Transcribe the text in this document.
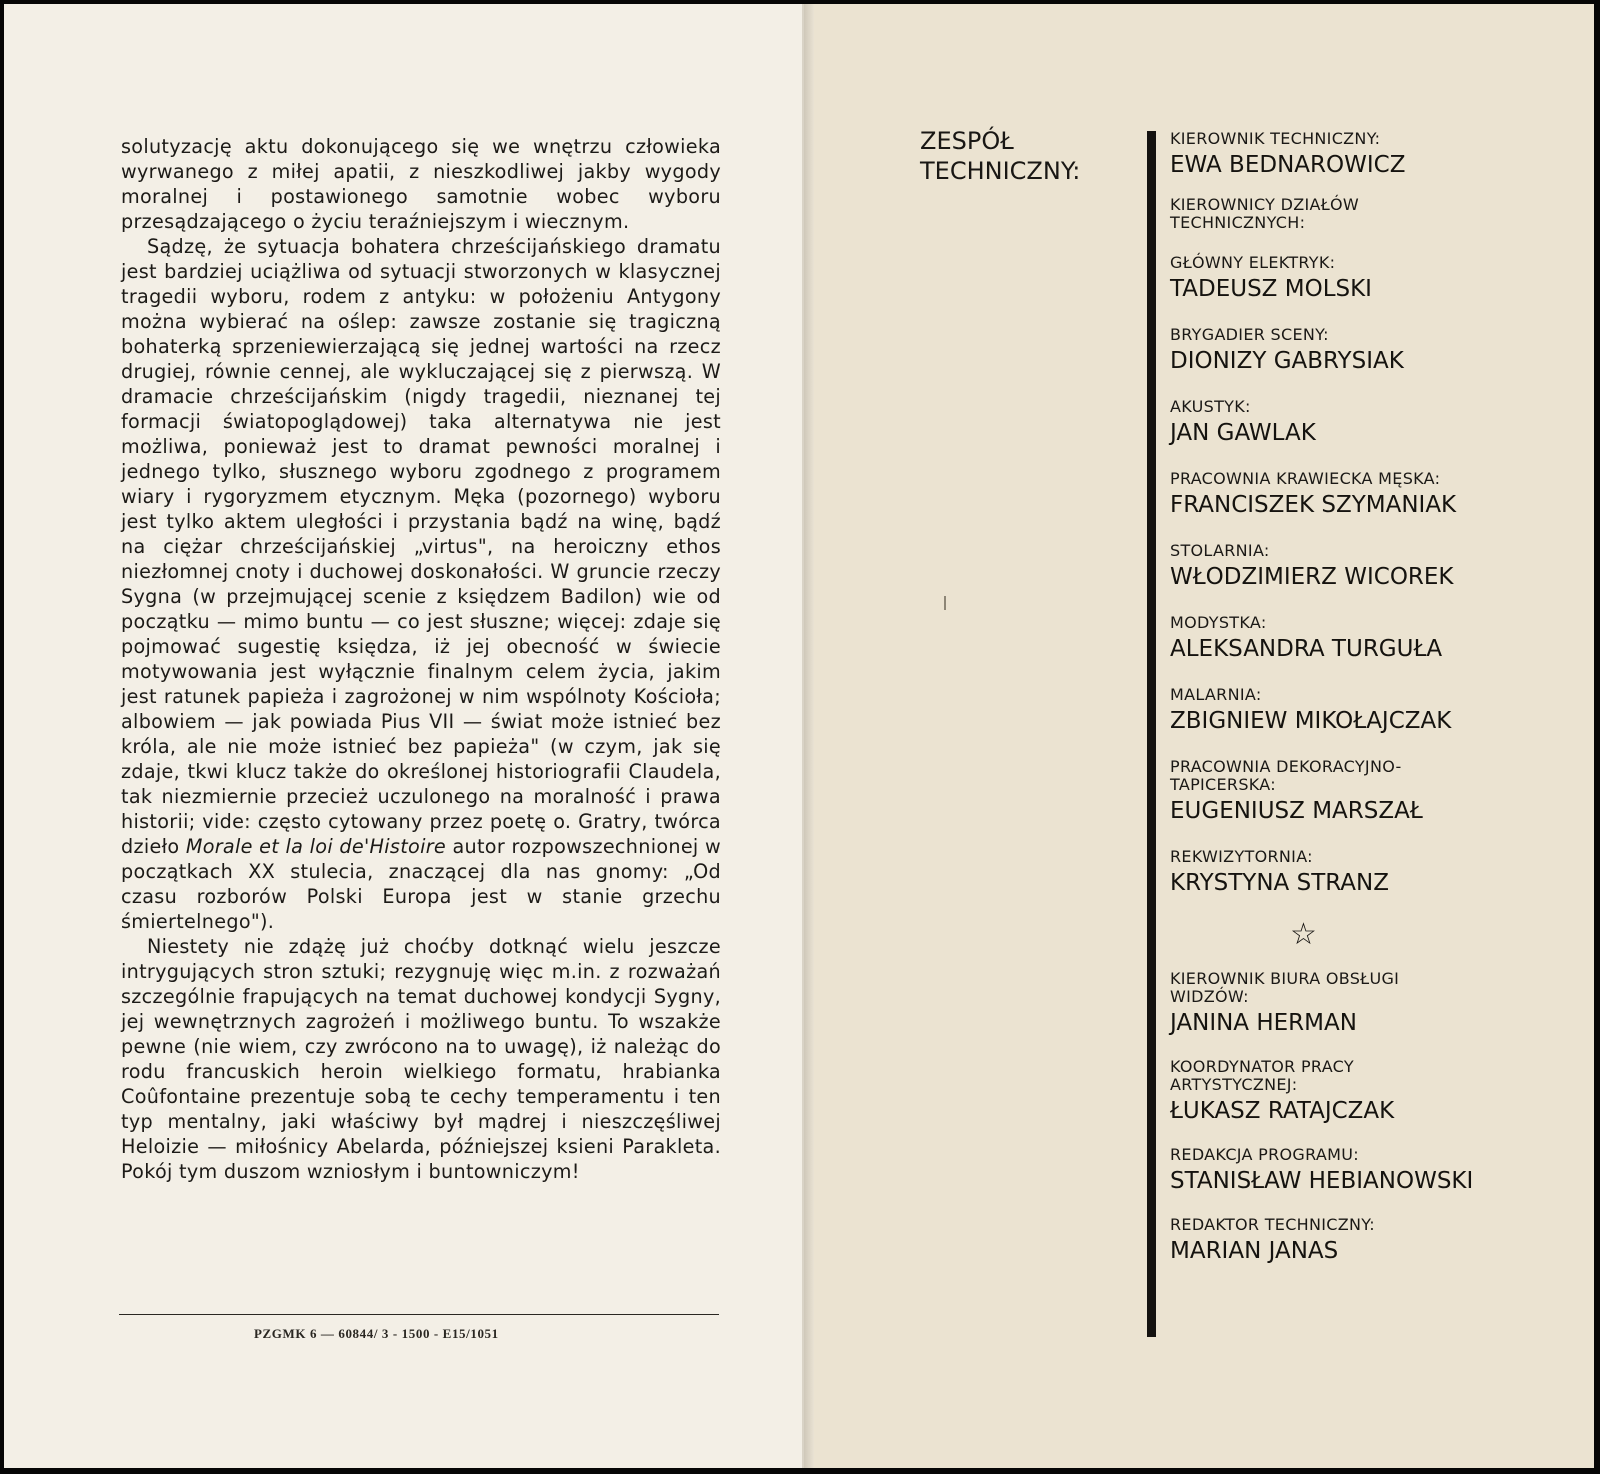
solutyzację aktu dokonującego się we wnętrzu człowieka wyrwanego z miłej apatii, z nieszkodliwej jakby wygody moralnej i postawionego samotnie wobec wyboru przesądzającego o życiu teraźniejszym i wiecznym.

Sądzę, że sytuacja bohatera chrześcijańskiego dramatu jest bardziej uciążliwa od sytuacji stworzonych w klasycznej tragedii wyboru, rodem z antyku: w położeniu Antygony można wybierać na oślep: zawsze zostanie się tragiczną bohaterką sprzeniewierzającą się jednej wartości na rzecz drugiej, równie cennej, ale wykluczającej się z pierwszą. W dramacie chrześcijańskim (nigdy tragedii, nieznanej tej formacji światopoglądowej) taka alternatywa nie jest możliwa, ponieważ jest to dramat pewności moralnej i jednego tylko, słusznego wyboru zgodnego z programem wiary i rygoryzmem etycznym. Męka (pozornego) wyboru jest tylko aktem uległości i przystania bądź na winę, bądź na ciężar chrześcijańskiej „virtus", na heroiczny ethos niezłomnej cnoty i duchowej doskonałości. W gruncie rzeczy Sygna (w przejmującej scenie z księdzem Badilon) wie od początku — mimo buntu — co jest słuszne; więcej: zdaje się pojmować sugestię księdza, iż jej obecność w świecie motywowania jest wyłącznie finalnym celem życia, jakim jest ratunek papieża i zagrożonej w nim wspólnoty Kościoła; albowiem — jak powiada Pius VII — świat może istnieć bez króla, ale nie może istnieć bez papieża" (w czym, jak się zdaje, tkwi klucz także do określonej historiografii Claudela, tak niezmiernie przecież uczulonego na moralność i prawa historii; vide: często cytowany przez poetę o. Gratry, twórca dzieło Morale et la loi de'Histoire autor rozpowszechnionej w początkach XX stulecia, znaczącej dla nas gnomy: „Od czasu rozborów Polski Europa jest w stanie grzechu śmiertelnego").

Niestety nie zdążę już choćby dotknąć wielu jeszcze intrygujących stron sztuki; rezygnuję więc m.in. z rozważań szczególnie frapujących na temat duchowej kondycji Sygny, jej wewnętrznych zagrożeń i możliwego buntu. To wszakże pewne (nie wiem, czy zwrócono na to uwagę), iż należąc do rodu francuskich heroin wielkiego formatu, hrabianka Coûfontaine prezentuje sobą te cechy temperamentu i ten typ mentalny, jaki właściwy był mądrej i nieszczęśliwej Heloizie — miłośnicy Abelarda, późniejszej ksieni Parakleta. Pokój tym duszom wzniosłym i buntowniczym!

PZGMK 6 — 60844/ 3 - 1500 - E15/1051
ZESPÓŁ
TECHNICZNY:
KIEROWNIK TECHNICZNY:
EWA BEDNAROWICZ
KIEROWNICY DZIAŁÓW
TECHNICZNYCH:
GŁÓWNY ELEKTRYK:
TADEUSZ MOLSKI
BRYGADIER SCENY:
DIONIZY GABRYSIAK
AKUSTYK:
JAN GAWLAK
PRACOWNIA KRAWIECKA MĘSKA:
FRANCISZEK SZYMANIAK
STOLARNIA:
WŁODZIMIERZ WICOREK
MODYSTKA:
ALEKSANDRA TURGUŁA
MALARNIA:
ZBIGNIEW MIKOŁAJCZAK
PRACOWNIA DEKORACYJNO-
TAPICERSKA:
EUGENIUSZ MARSZAŁ
REKWIZYTORNIA:
KRYSTYNA STRANZ
☆
KIEROWNIK BIURA OBSŁUGI
WIDZÓW:
JANINA HERMAN
KOORDYNATOR PRACY
ARTYSTYCZNEJ:
ŁUKASZ RATAJCZAK
REDAKCJA PROGRAMU:
STANISŁAW HEBIANOWSKI
REDAKTOR TECHNICZNY:
MARIAN JANAS
